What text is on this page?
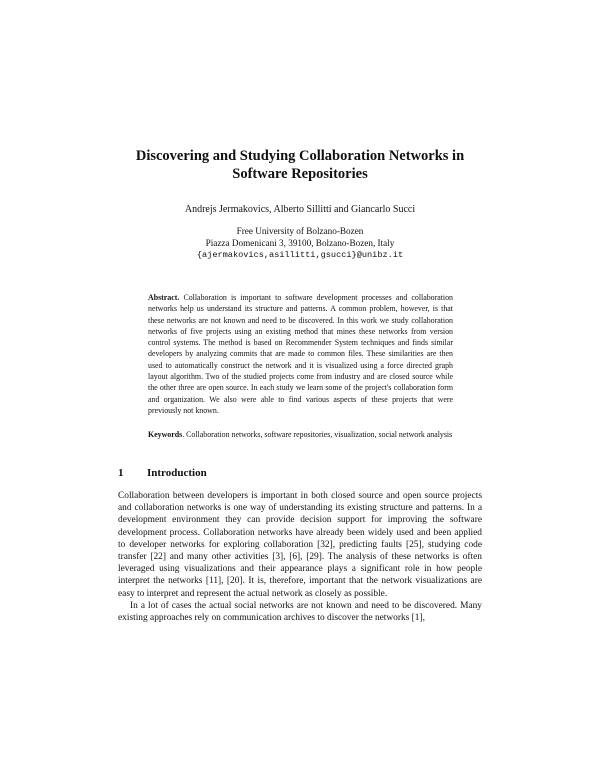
Discovering and Studying Collaboration Networks in
Software Repositories
Andrejs Jermakovics, Alberto Sillitti and Giancarlo Succi
Free University of Bolzano-Bozen
Piazza Domenicani 3, 39100, Bolzano-Bozen, Italy
{ajermakovics,asillitti,gsucci}@unibz.it
Abstract. Collaboration is important to software development processes and collaboration networks help us understand its structure and patterns. A common problem, however, is that these networks are not known and need to be discovered. In this work we study collaboration networks of five projects using an existing method that mines these networks from version control systems. The method is based on Recommender System techniques and finds similar developers by analyzing commits that are made to common files. These similarities are then used to automatically construct the network and it is visualized using a force directed graph layout algorithm. Two of the studied projects come from industry and are closed source while the other three are open source. In each study we learn some of the project's collaboration form and organization. We also were able to find various aspects of these projects that were previously not known.
Keywords. Collaboration networks, software repositories, visualization, social network analysis
1 Introduction

Collaboration between developers is important in both closed source and open source projects and collaboration networks is one way of understanding its existing structure and patterns. In a development environment they can provide decision support for improving the software development process. Collaboration networks have already been widely used and been applied to developer networks for exploring collaboration [32], predicting faults [25], studying code transfer [22] and many other activities [3], [6], [29]. The analysis of these networks is often leveraged using visualizations and their appearance plays a significant role in how people interpret the networks [11], [20]. It is, therefore, important that the network visualizations are easy to interpret and represent the actual network as closely as possible.

In a lot of cases the actual social networks are not known and need to be discovered. Many existing approaches rely on communication archives to discover the networks [1],
